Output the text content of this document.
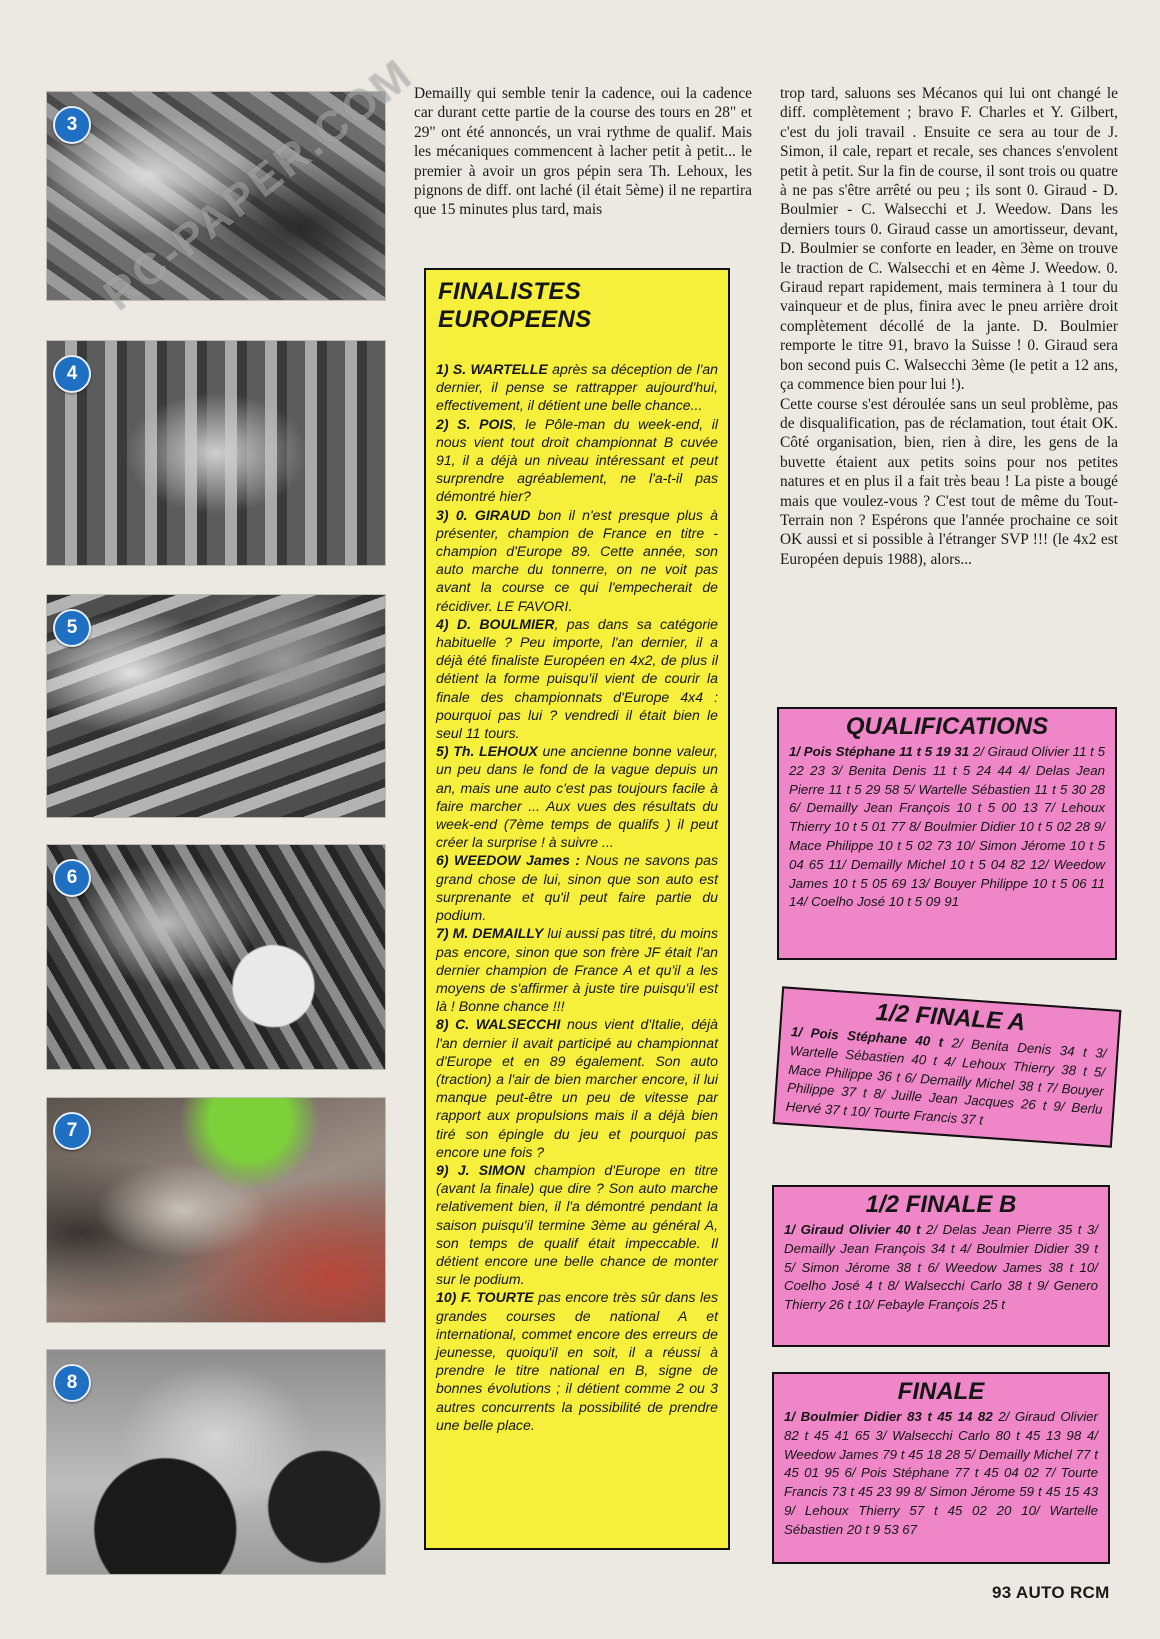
3
4
5
6
7
8
RC-PAPER.COM

Demailly qui semble tenir la cadence, oui la cadence car durant cette partie de la course des tours en 28" et 29" ont été annoncés, un vrai rythme de qualif. Mais les mécaniques commencent à lacher petit à petit... le premier à avoir un gros pépin sera Th. Lehoux, les pignons de diff. ont laché (il était 5ème) il ne repartira que 15 minutes plus tard, mais

FINALISTES EUROPEENS

1) S. WARTELLE après sa déception de l'an dernier, il pense se rattrapper aujourd'hui, effectivement, il détient une belle chance...

2) S. POIS, le Pôle-man du week-end, il nous vient tout droit championnat B cuvée 91, il a déjà un niveau intéressant et peut surprendre agréablement, ne l'a-t-il pas démontré hier?

3) 0. GIRAUD bon il n'est presque plus à présenter, champion de France en titre - champion d'Europe 89. Cette année, son auto marche du tonnerre, on ne voit pas avant la course ce qui l'empecherait de récidiver. LE FAVORI.

4) D. BOULMIER, pas dans sa catégorie habituelle ? Peu importe, l'an dernier, il a déjà été finaliste Européen en 4x2, de plus il détient la forme puisqu'il vient de courir la finale des championnats d'Europe 4x4 : pourquoi pas lui ? vendredi il était bien le seul 11 tours.

5) Th. LEHOUX une ancienne bonne valeur, un peu dans le fond de la vague depuis un an, mais une auto c'est pas toujours facile à faire marcher ... Aux vues des résultats du week-end (7ème temps de qualifs ) il peut créer la surprise ! à suivre ...

6) WEEDOW James : Nous ne savons pas grand chose de lui, sinon que son auto est surprenante et qu'il peut faire partie du podium.

7) M. DEMAILLY lui aussi pas titré, du moins pas encore, sinon que son frère JF était l'an dernier champion de France A et qu'il a les moyens de s'affirmer à juste tire puisqu'il est là ! Bonne chance !!!

8) C. WALSECCHI nous vient d'Italie, déjà l'an dernier il avait participé au championnat d'Europe et en 89 également. Son auto (traction) a l'air de bien marcher encore, il lui manque peut-être un peu de vitesse par rapport aux propulsions mais il a déjà bien tiré son épingle du jeu et pourquoi pas encore une fois ?

9) J. SIMON champion d'Europe en titre (avant la finale) que dire ? Son auto marche relativement bien, il l'a démontré pendant la saison puisqu'il termine 3ème au général A, son temps de qualif était impeccable. Il détient encore une belle chance de monter sur le podium.

10) F. TOURTE pas encore très sûr dans les grandes courses de national A et international, commet encore des erreurs de jeunesse, quoiqu'il en soit, il a réussi à prendre le titre national en B, signe de bonnes évolutions ; il détient comme 2 ou 3 autres concurrents la possibilité de prendre une belle place.

trop tard, saluons ses Mécanos qui lui ont changé le diff. complètement ; bravo F. Charles et Y. Gilbert, c'est du joli travail . Ensuite ce sera au tour de J. Simon, il cale, repart et recale, ses chances s'envolent petit à petit. Sur la fin de course, il sont trois ou quatre à ne pas s'être arrêté ou peu ; ils sont 0. Giraud - D. Boulmier - C. Walsecchi et J. Weedow. Dans les derniers tours 0. Giraud casse un amortisseur, devant, D. Boulmier se conforte en leader, en 3ème on trouve le traction de C. Walsecchi et en 4ème J. Weedow. 0. Giraud repart rapidement, mais terminera à 1 tour du vainqueur et de plus, finira avec le pneu arrière droit complètement décollé de la jante. D. Boulmier remporte le titre 91, bravo la Suisse ! 0. Giraud sera bon second puis C. Walsecchi 3ème (le petit a 12 ans, ça commence bien pour lui !).

Cette course s'est déroulée sans un seul problème, pas de disqualification, pas de réclamation, tout était OK. Côté organisation, bien, rien à dire, les gens de la buvette étaient aux petits soins pour nos petites natures et en plus il a fait très beau ! La piste a bougé mais que voulez-vous ? C'est tout de même du Tout-Terrain non ? Espérons que l'année prochaine ce soit OK aussi et si possible à l'étranger SVP !!! (le 4x2 est Européen depuis 1988), alors...

QUALIFICATIONS
1/ Pois Stéphane 11 t 5 19 31 2/ Giraud Olivier 11 t 5 22 23 3/ Benita Denis 11 t 5 24 44 4/ Delas Jean Pierre 11 t 5 29 58 5/ Wartelle Sébastien 11 t 5 30 28 6/ Demailly Jean François 10 t 5 00 13 7/ Lehoux Thierry 10 t 5 01 77 8/ Boulmier Didier 10 t 5 02 28 9/ Mace Philippe 10 t 5 02 73 10/ Simon Jérome 10 t 5 04 65 11/ Demailly Michel 10 t 5 04 82 12/ Weedow James 10 t 5 05 69 13/ Bouyer Philippe 10 t 5 06 11 14/ Coelho José 10 t 5 09 91
1/2 FINALE A
1/ Pois Stéphane 40 t 2/ Benita Denis 34 t 3/ Wartelle Sébastien 40 t 4/ Lehoux Thierry 38 t 5/ Mace Philippe 36 t 6/ Demailly Michel 38 t 7/ Bouyer Philippe 37 t 8/ Juille Jean Jacques 26 t 9/ Berlu Hervé 37 t 10/ Tourte Francis 37 t
1/2 FINALE B
1/ Giraud Olivier 40 t 2/ Delas Jean Pierre 35 t 3/ Demailly Jean François 34 t 4/ Boulmier Didier 39 t 5/ Simon Jérome 38 t 6/ Weedow James 38 t 10/ Coelho José 4 t 8/ Walsecchi Carlo 38 t 9/ Genero Thierry 26 t 10/ Febayle François 25 t
FINALE
1/ Boulmier Didier 83 t 45 14 82 2/ Giraud Olivier 82 t 45 41 65 3/ Walsecchi Carlo 80 t 45 13 98 4/ Weedow James 79 t 45 18 28 5/ Demailly Michel 77 t 45 01 95 6/ Pois Stéphane 77 t 45 04 02 7/ Tourte Francis 73 t 45 23 99 8/ Simon Jérome 59 t 45 15 43 9/ Lehoux Thierry 57 t 45 02 20 10/ Wartelle Sébastien 20 t 9 53 67
93 AUTO RCM
